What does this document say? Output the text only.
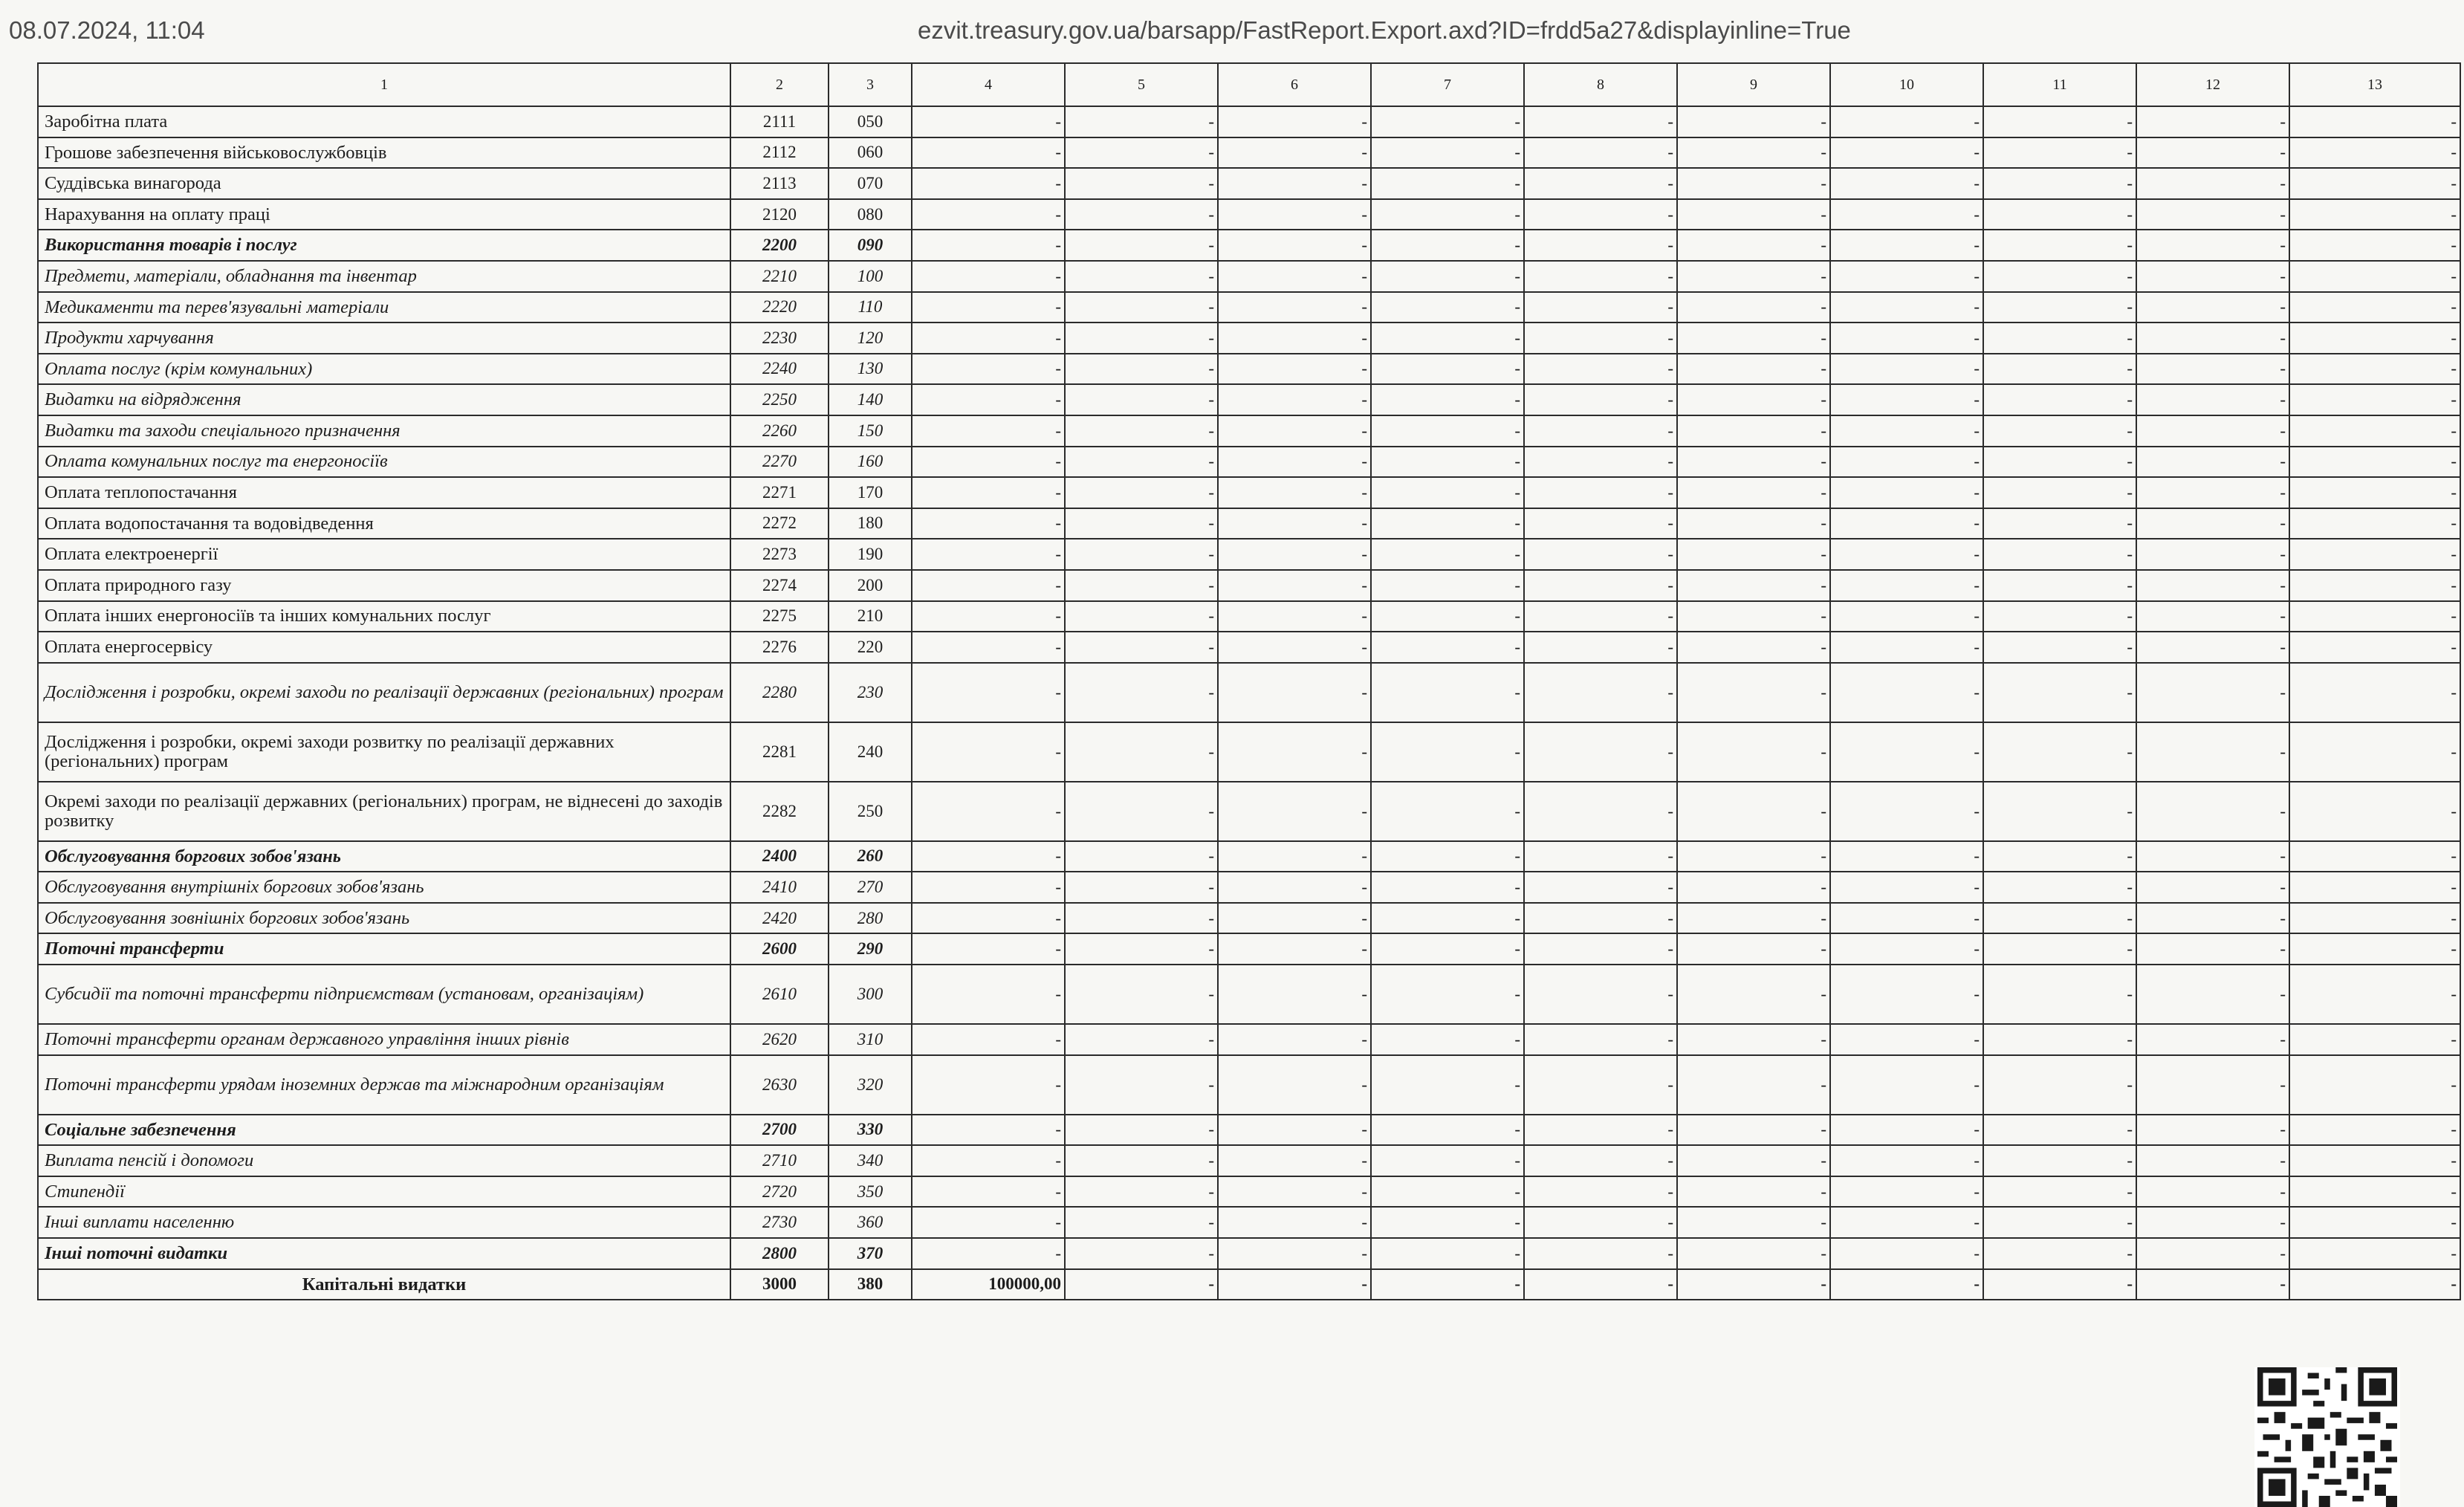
08.07.2024, 11:04	ezvit.treasury.gov.ua/barsapp/FastReport.Export.axd?ID=frdd5a27&displayinline=True
1	2	3	4	5	6	7	8	9	10	11	12	13
Заробітна плата	2111	050	-	-	-	-	-	-	-	-	-	-
Грошове забезпечення військовослужбовців	2112	060	-	-	-	-	-	-	-	-	-	-
Суддівська винагорода	2113	070	-	-	-	-	-	-	-	-	-	-
Нарахування на оплату праці	2120	080	-	-	-	-	-	-	-	-	-	-
Використання товарів і послуг	2200	090	-	-	-	-	-	-	-	-	-	-
Предмети, матеріали, обладнання та інвентар	2210	100	-	-	-	-	-	-	-	-	-	-
Медикаменти та перев'язувальні матеріали	2220	110	-	-	-	-	-	-	-	-	-	-
Продукти харчування	2230	120	-	-	-	-	-	-	-	-	-	-
Оплата послуг (крім комунальних)	2240	130	-	-	-	-	-	-	-	-	-	-
Видатки на відрядження	2250	140	-	-	-	-	-	-	-	-	-	-
Видатки та заходи спеціального призначення	2260	150	-	-	-	-	-	-	-	-	-	-
Оплата комунальних послуг та енергоносіїв	2270	160	-	-	-	-	-	-	-	-	-	-
Оплата теплопостачання	2271	170	-	-	-	-	-	-	-	-	-	-
Оплата водопостачання та водовідведення	2272	180	-	-	-	-	-	-	-	-	-	-
Оплата електроенергії	2273	190	-	-	-	-	-	-	-	-	-	-
Оплата природного газу	2274	200	-	-	-	-	-	-	-	-	-	-
Оплата інших енергоносіїв та інших комунальних послуг	2275	210	-	-	-	-	-	-	-	-	-	-
Оплата енергосервісу	2276	220	-	-	-	-	-	-	-	-	-	-
Дослідження і розробки, окремі заходи по реалізації державних (регіональних) програм	2280	230	-	-	-	-	-	-	-	-	-	-
Дослідження і розробки, окремі заходи розвитку по реалізації державних (регіональних) програм	2281	240	-	-	-	-	-	-	-	-	-	-
Окремі заходи по реалізації державних (регіональних) програм, не віднесені до заходів розвитку	2282	250	-	-	-	-	-	-	-	-	-	-
Обслуговування боргових зобов'язань	2400	260	-	-	-	-	-	-	-	-	-	-
Обслуговування внутрішніх боргових зобов'язань	2410	270	-	-	-	-	-	-	-	-	-	-
Обслуговування зовнішніх боргових зобов'язань	2420	280	-	-	-	-	-	-	-	-	-	-
Поточні трансферти	2600	290	-	-	-	-	-	-	-	-	-	-
Субсидії та поточні трансферти підприємствам (установам, організаціям)	2610	300	-	-	-	-	-	-	-	-	-	-
Поточні трансферти органам державного управління інших рівнів	2620	310	-	-	-	-	-	-	-	-	-	-
Поточні трансферти урядам іноземних держав та міжнародним організаціям	2630	320	-	-	-	-	-	-	-	-	-	-
Соціальне забезпечення	2700	330	-	-	-	-	-	-	-	-	-	-
Виплата пенсій і допомоги	2710	340	-	-	-	-	-	-	-	-	-	-
Стипендії	2720	350	-	-	-	-	-	-	-	-	-	-
Інші виплати населенню	2730	360	-	-	-	-	-	-	-	-	-	-
Інші поточні видатки	2800	370	-	-	-	-	-	-	-	-	-	-
Капітальні видатки	3000	380	100000,00	-	-	-	-	-	-	-	-	-
